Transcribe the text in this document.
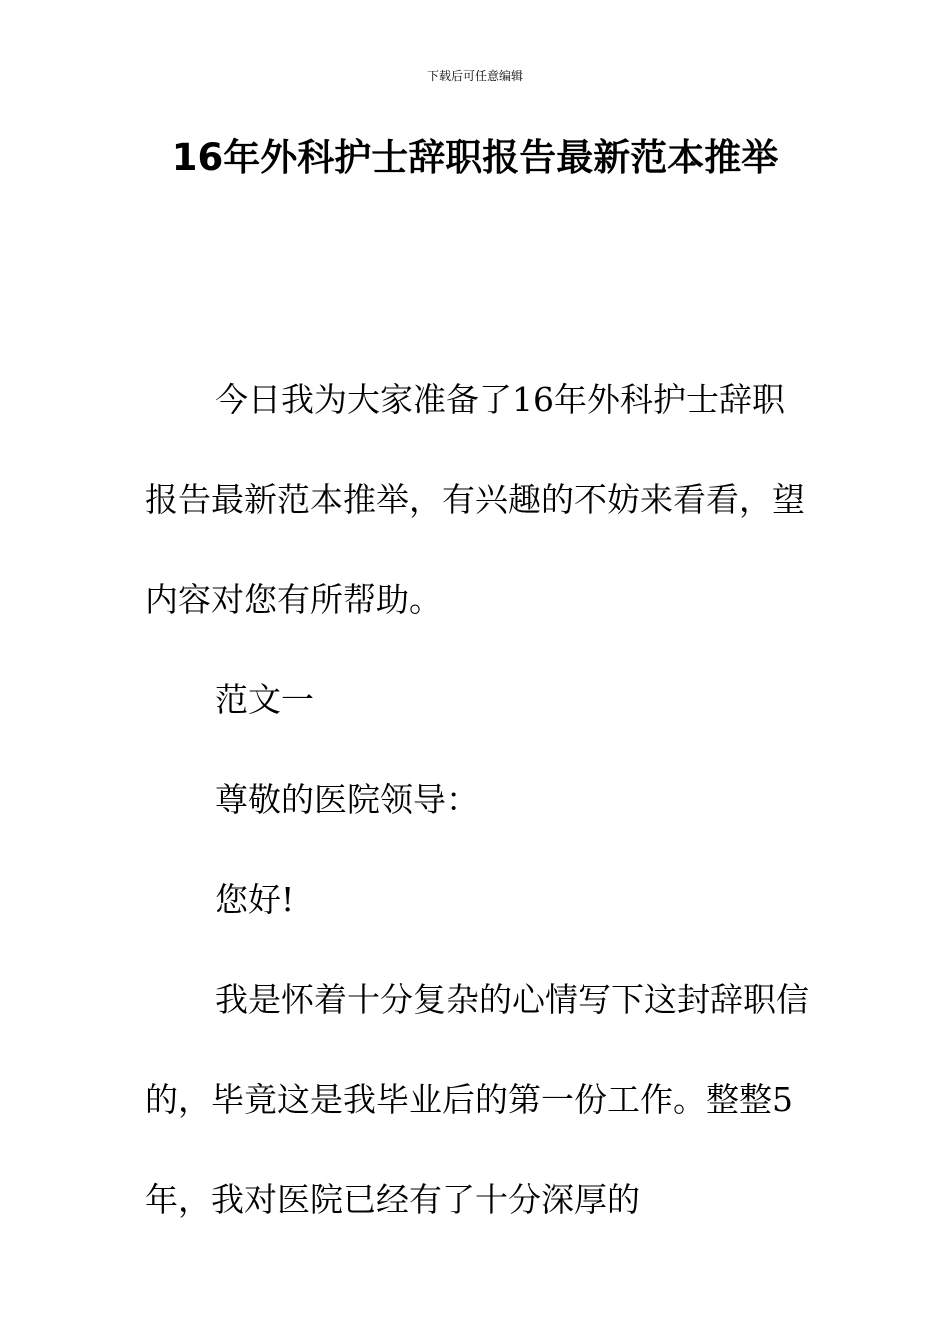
下载后可任意编辑
16年外科护士辞职报告最新范本推举

今日我为大家准备了16年外科护士辞职报告最新范本推举，有兴趣的不妨来看看，望内容对您有所帮助。

范文一

尊敬的医院领导：

您好!

我是怀着十分复杂的心情写下这封辞职信的，毕竟这是我毕业后的第一份工作。整整5年，我对医院已经有了十分深厚的
